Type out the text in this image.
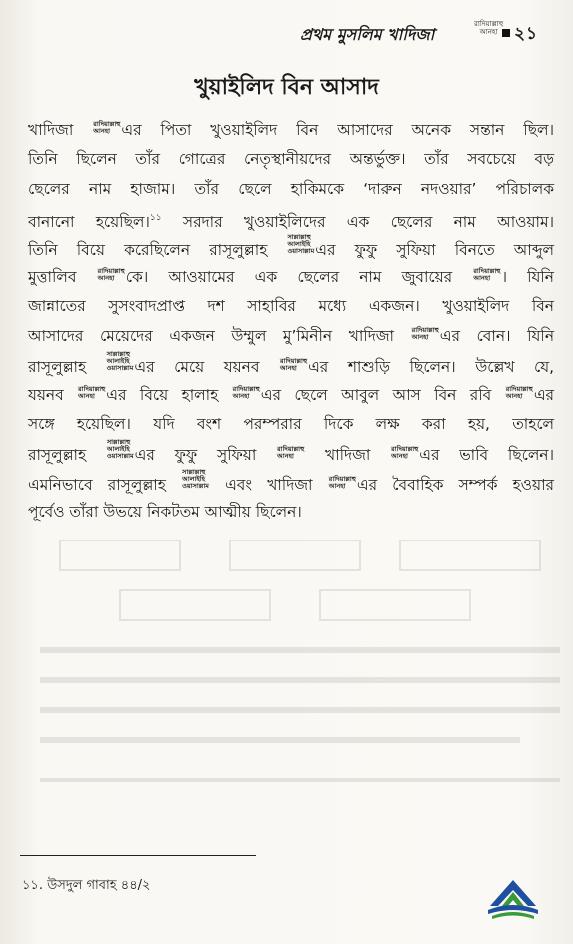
প্রথম মুসলিম খাদিজা
রাদিয়াল্লাহু
আনহা ২১
খুয়াইলিদ বিন আসাদ
খাদিজা রাদিয়াল্লাহু
আনহা এর পিতা খুওয়াইলিদ বিন আসাদের অনেক সন্তান ছিল।
তিনি ছিলেন তাঁর গোত্রের নেতৃস্থানীয়দের অন্তর্ভুক্ত। তাঁর সবচেয়ে বড়
ছেলের নাম হাজাম। তাঁর ছেলে হাকিমকে ‘দারুন নদওয়ার’ পরিচালক
বানানো হয়েছিল।$^{১১}$ সরদার খুওয়াইলিদের এক ছেলের নাম আওয়াম।
তিনি বিয়ে করেছিলেন রাসূলুল্লাহ সাল্লাল্লাহু
আলাইহি
ওয়াসাল্লামএর ফুফু সুফিয়া বিনতে আব্দুল
মুত্তালিব রাদিয়াল্লাহু
আনহা কে। আওয়ামের এক ছেলের নাম জুবায়ের রাদিয়াল্লাহু
আনহা । যিনি
জান্নাতের সুসংবাদপ্রাপ্ত দশ সাহাবির মধ্যে একজন। খুওয়াইলিদ বিন
আসাদের মেয়েদের একজন উম্মুল মু’মিনীন খাদিজা রাদিয়াল্লাহু
আনহা এর বোন। যিনি
রাসূলুল্লাহ সাল্লাল্লাহু
আলাইহি
ওয়াসাল্লামএর মেয়ে যয়নব রাদিয়াল্লাহু
আনহা এর শাশুড়ি ছিলেন। উল্লেখ যে,
যয়নব রাদিয়াল্লাহু
আনহা এর বিয়ে হালাহ রাদিয়াল্লাহু
আনহা এর ছেলে আবুল আস বিন রবি রাদিয়াল্লাহু
আনহা এর
সঙ্গে হয়েছিল। যদি বংশ পরম্পরার দিকে লক্ষ করা হয়, তাহলে
রাসূলুল্লাহ সাল্লাল্লাহু
আলাইহি
ওয়াসাল্লামএর ফুফু সুফিয়া রাদিয়াল্লাহু
আনহা খাদিজা রাদিয়াল্লাহু
আনহা এর ভাবি ছিলেন।
এমনিভাবে রাসূলুল্লাহ সাল্লাল্লাহু
আলাইহি
ওয়াসাল্লাম এবং খাদিজা রাদিয়াল্লাহু
আনহা এর বৈবাহিক সম্পর্ক হওয়ার
পূর্বেও তাঁরা উভয়ে নিকটতম আত্মীয় ছিলেন।
১১. উসদুল গাবাহ ৪৪/২
